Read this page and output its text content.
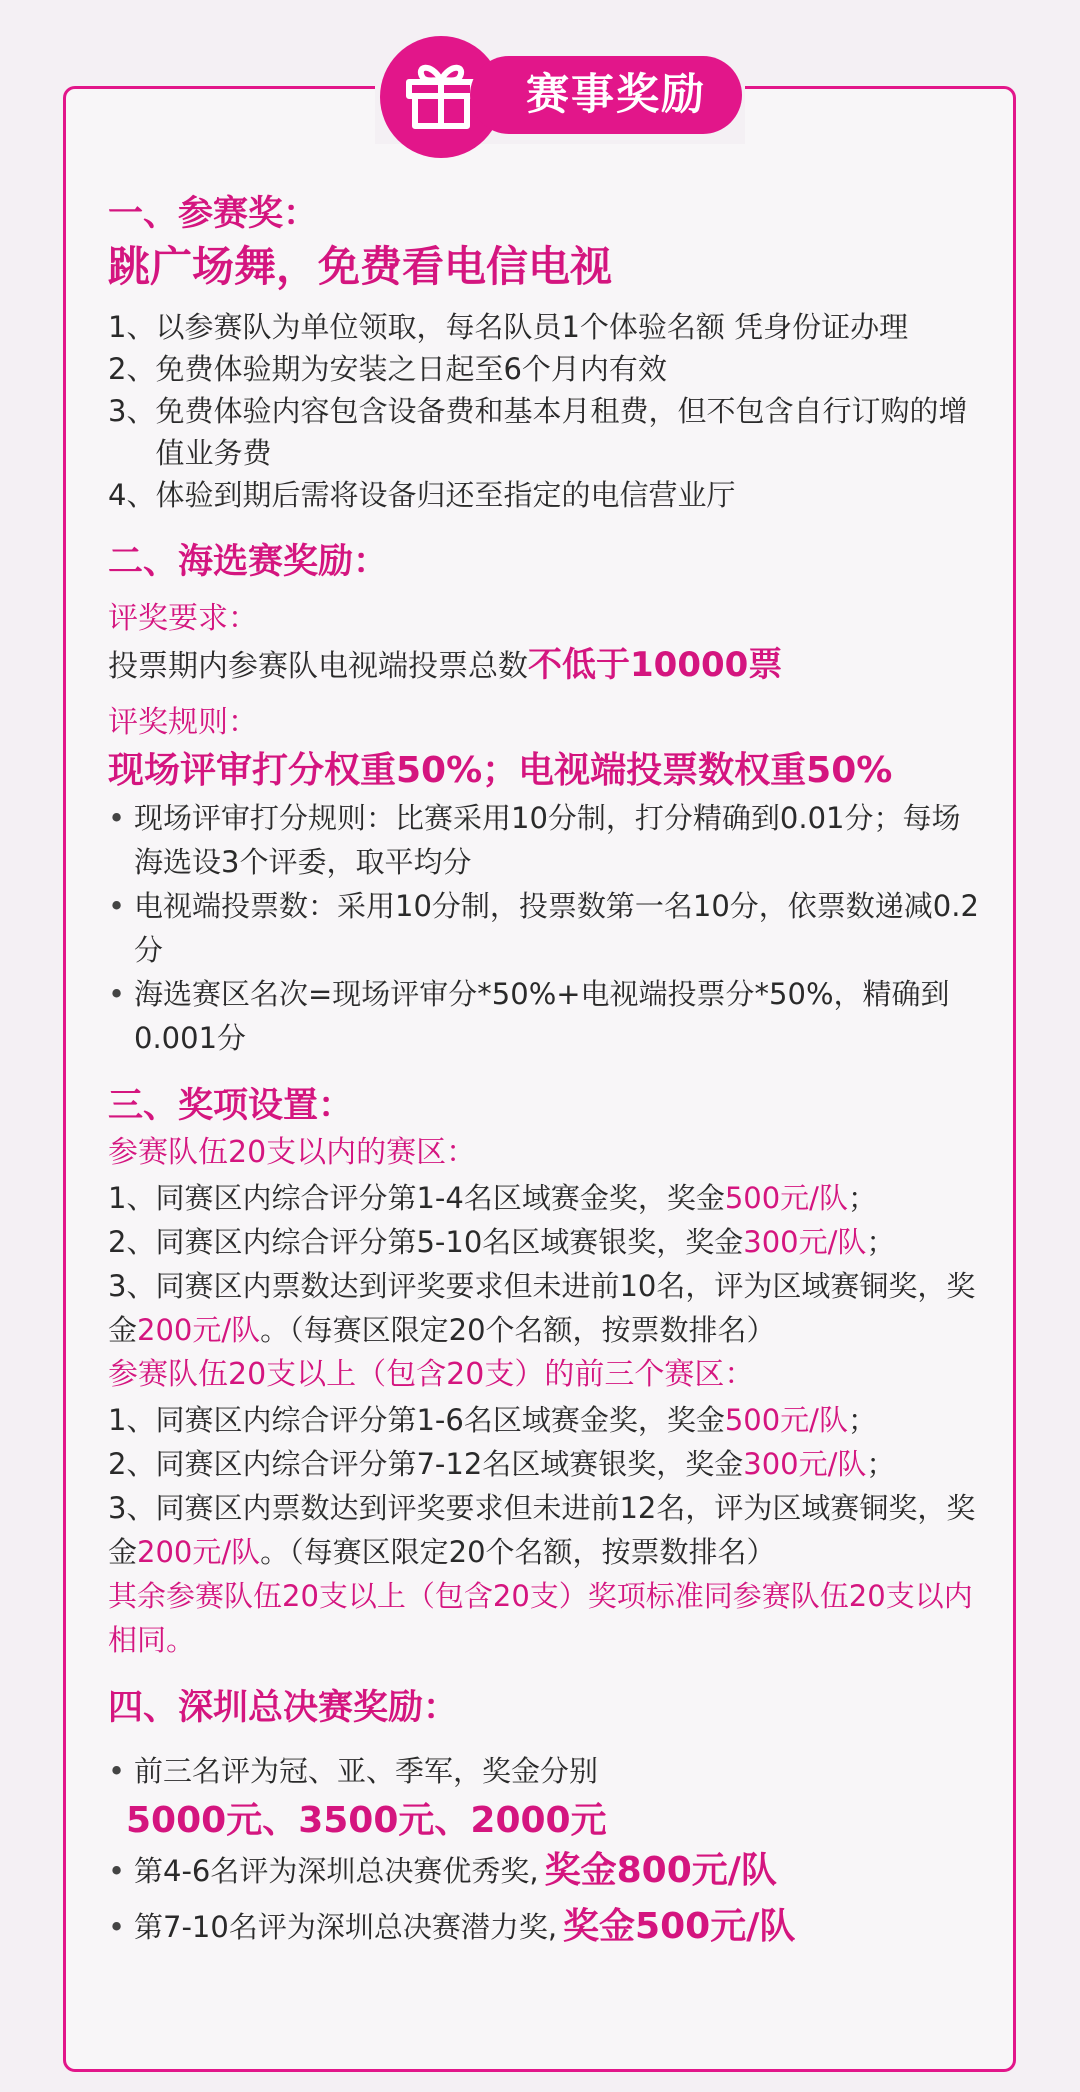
赛事奖励

一、参赛奖：

跳广场舞，免费看电信电视

1、 以参赛队为单位领取，每名队员1个体验名额 凭身份证办理
2、 免费体验期为安装之日起至6个月内有效
3、 免费体验内容包含设备费和基本月租费，但不包含自行订购的增值业务费
4、 体验到期后需将设备归还至指定的电信营业厅

二、海选赛奖励：

评奖要求：

投票期内参赛队电视端投票总数不低于10000票

评奖规则：

现场评审打分权重50%；电视端投票数权重50%

• 现场评审打分规则：比赛采用10分制，打分精确到0.01分；每场海选设3个评委，取平均分
• 电视端投票数：采用10分制，投票数第一名10分，依票数递减0.2分
• 海选赛区名次=现场评审分*50%+电视端投票分*50%，精确到0.001分

三、奖项设置：

参赛队伍20支以内的赛区：

1、同赛区内综合评分第1-4名区域赛金奖，奖金500元/队；
2、同赛区内综合评分第5-10名区域赛银奖，奖金300元/队；
3、同赛区内票数达到评奖要求但未进前10名，评为区域赛铜奖，奖金200元/队。（每赛区限定20个名额，按票数排名）

参赛队伍20支以上（包含20支）的前三个赛区：

1、同赛区内综合评分第1-6名区域赛金奖，奖金500元/队；
2、同赛区内综合评分第7-12名区域赛银奖，奖金300元/队；
3、同赛区内票数达到评奖要求但未进前12名，评为区域赛铜奖，奖金200元/队。（每赛区限定20个名额，按票数排名）

其余参赛队伍20支以上（包含20支）奖项标准同参赛队伍20支以内相同。

四、深圳总决赛奖励：

• 前三名评为冠、亚、季军，奖金分别
5000元、3500元、2000元
• 第4-6名评为深圳总决赛优秀奖, 奖金800元/队
• 第7-10名评为深圳总决赛潜力奖, 奖金500元/队
